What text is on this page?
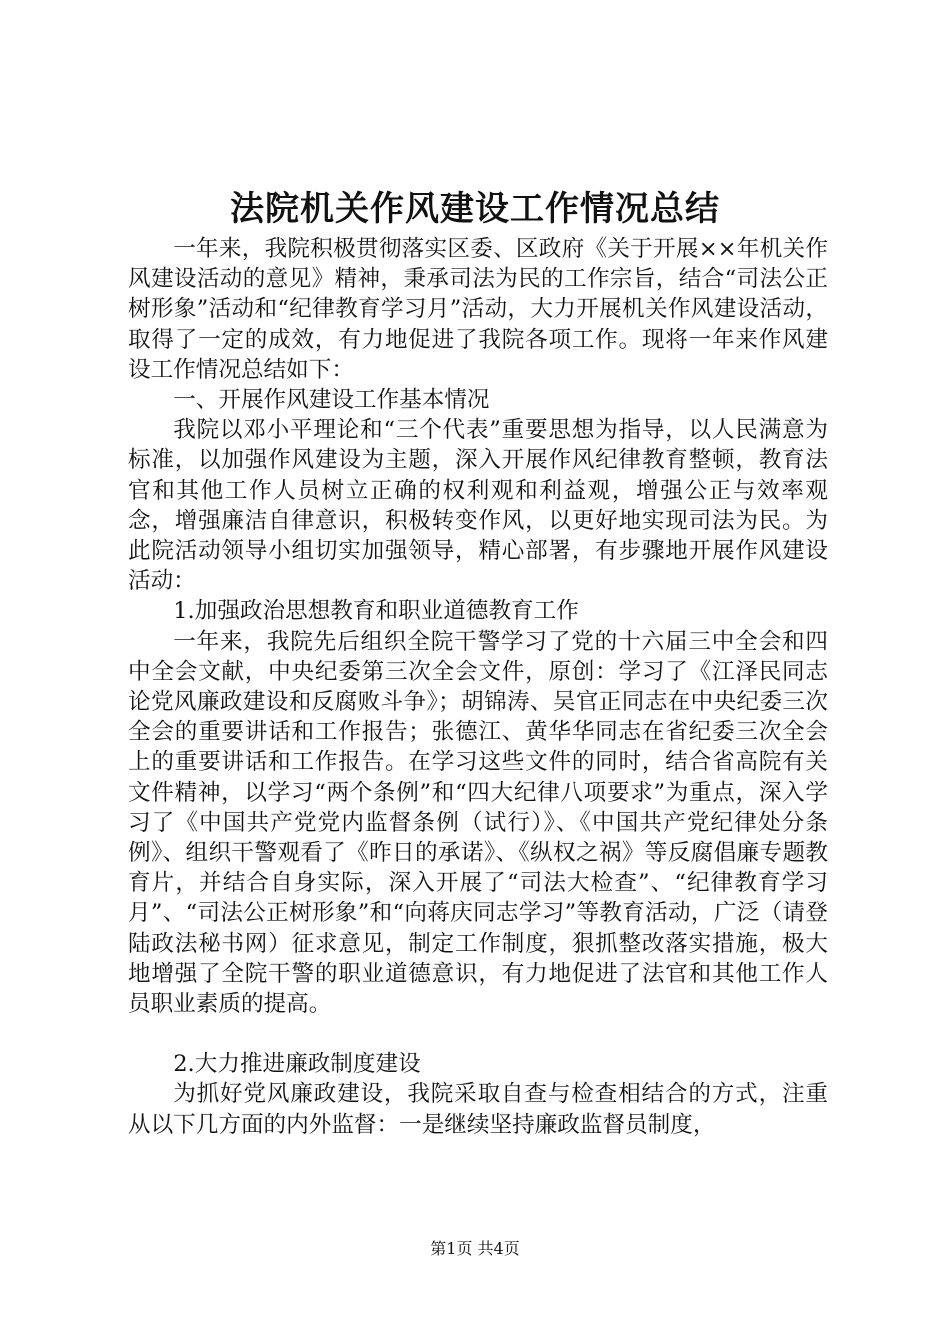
法院机关作风建设工作情况总结

一年来，我院积极贯彻落实区委、区政府《关于开展××年机关作风建设活动的意见》精神，秉承司法为民的工作宗旨，结合“司法公正树形象”活动和“纪律教育学习月”活动，大力开展机关作风建设活动，取得了一定的成效，有力地促进了我院各项工作。现将一年来作风建设工作情况总结如下：

一、开展作风建设工作基本情况

我院以邓小平理论和“三个代表”重要思想为指导，以人民满意为标准，以加强作风建设为主题，深入开展作风纪律教育整顿，教育法官和其他工作人员树立正确的权利观和利益观，增强公正与效率观念，增强廉洁自律意识，积极转变作风，以更好地实现司法为民。为此院活动领导小组切实加强领导，精心部署，有步骤地开展作风建设活动：

1.加强政治思想教育和职业道德教育工作

一年来，我院先后组织全院干警学习了党的十六届三中全会和四中全会文献，中央纪委第三次全会文件，原创：学习了《江泽民同志论党风廉政建设和反腐败斗争》；胡锦涛、吴官正同志在中央纪委三次全会的重要讲话和工作报告；张德江、黄华华同志在省纪委三次全会上的重要讲话和工作报告。在学习这些文件的同时，结合省高院有关文件精神，以学习“两个条例”和“四大纪律八项要求”为重点，深入学习了《中国共产党党内监督条例（试行）》、《中国共产党纪律处分条例》、组织干警观看了《昨日的承诺》、《纵权之祸》等反腐倡廉专题教育片，并结合自身实际，深入开展了“司法大检查”、“纪律教育学习月”、“司法公正树形象”和“向蒋庆同志学习”等教育活动，广泛（请登陆政法秘书网）征求意见，制定工作制度，狠抓整改落实措施，极大地增强了全院干警的职业道德意识，有力地促进了法官和其他工作人员职业素质的提高。

2.大力推进廉政制度建设

为抓好党风廉政建设，我院采取自查与检查相结合的方式，注重从以下几方面的内外监督：一是继续坚持廉政监督员制度，

第1页 共4页
